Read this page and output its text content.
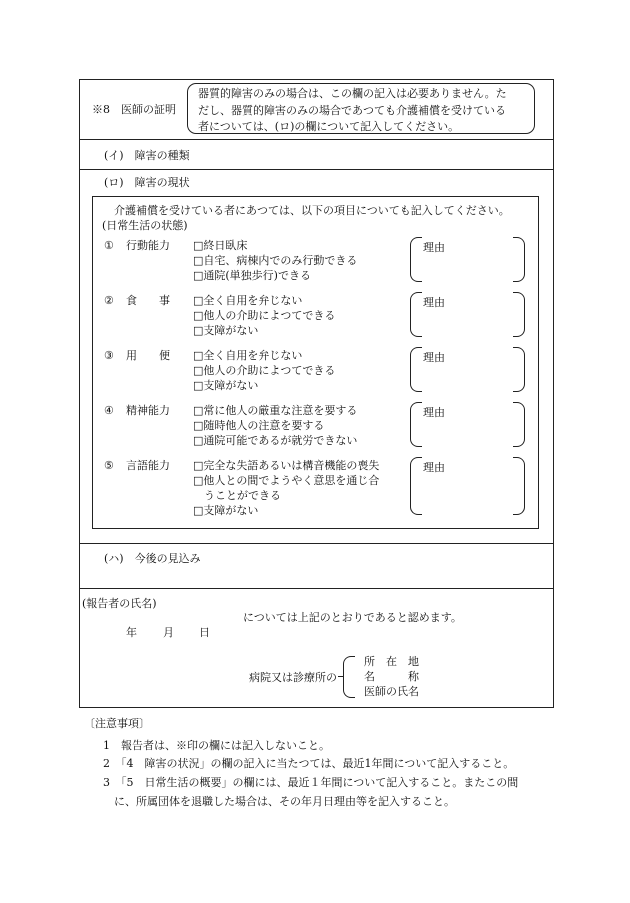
※8　医師の証明
器質的障害のみの場合は、この欄の記入は必要ありません。た
だし、器質的障害のみの場合であつても介護補償を受けている
者については、(ロ)の欄について記入してください。
(イ)　障害の種類
(ロ)　障害の現状
介護補償を受けている者にあつては、以下の項目についても記入してください。
(日常生活の状態)
① 行動能力 □終日臥床
□自宅、病棟内でのみ行動できる
□通院(単独歩行)できる
理由
② 食　　事 □全く自用を弁じない
□他人の介助によつてできる
□支障がない
理由
③ 用　　便 □全く自用を弁じない
□他人の介助によつてできる
□支障がない
理由
④ 精神能力 □常に他人の厳重な注意を要する
□随時他人の注意を要する
□通院可能であるが就労できない
理由
⑤ 言語能力 □完全な失語あるいは構音機能の喪失
□他人との間でようやく意思を通じ合
　うことができる
□支障がない
理由
(ハ)　今後の見込み
(報告者の氏名)
については上記のとおりであると認めます。
年 月 日
病院又は診療所の
所　在　地
名　　　称
医師の氏名
〔注意事項〕
1　報告者は、※印の欄には記入しないこと。
2　「4　障害の状況」の欄の記入に当たつては、最近1年間について記入すること。
3　「5　日常生活の概要」の欄には、最近１年間について記入すること。またこの間
　に、所属団体を退職した場合は、その年月日理由等を記入すること。
